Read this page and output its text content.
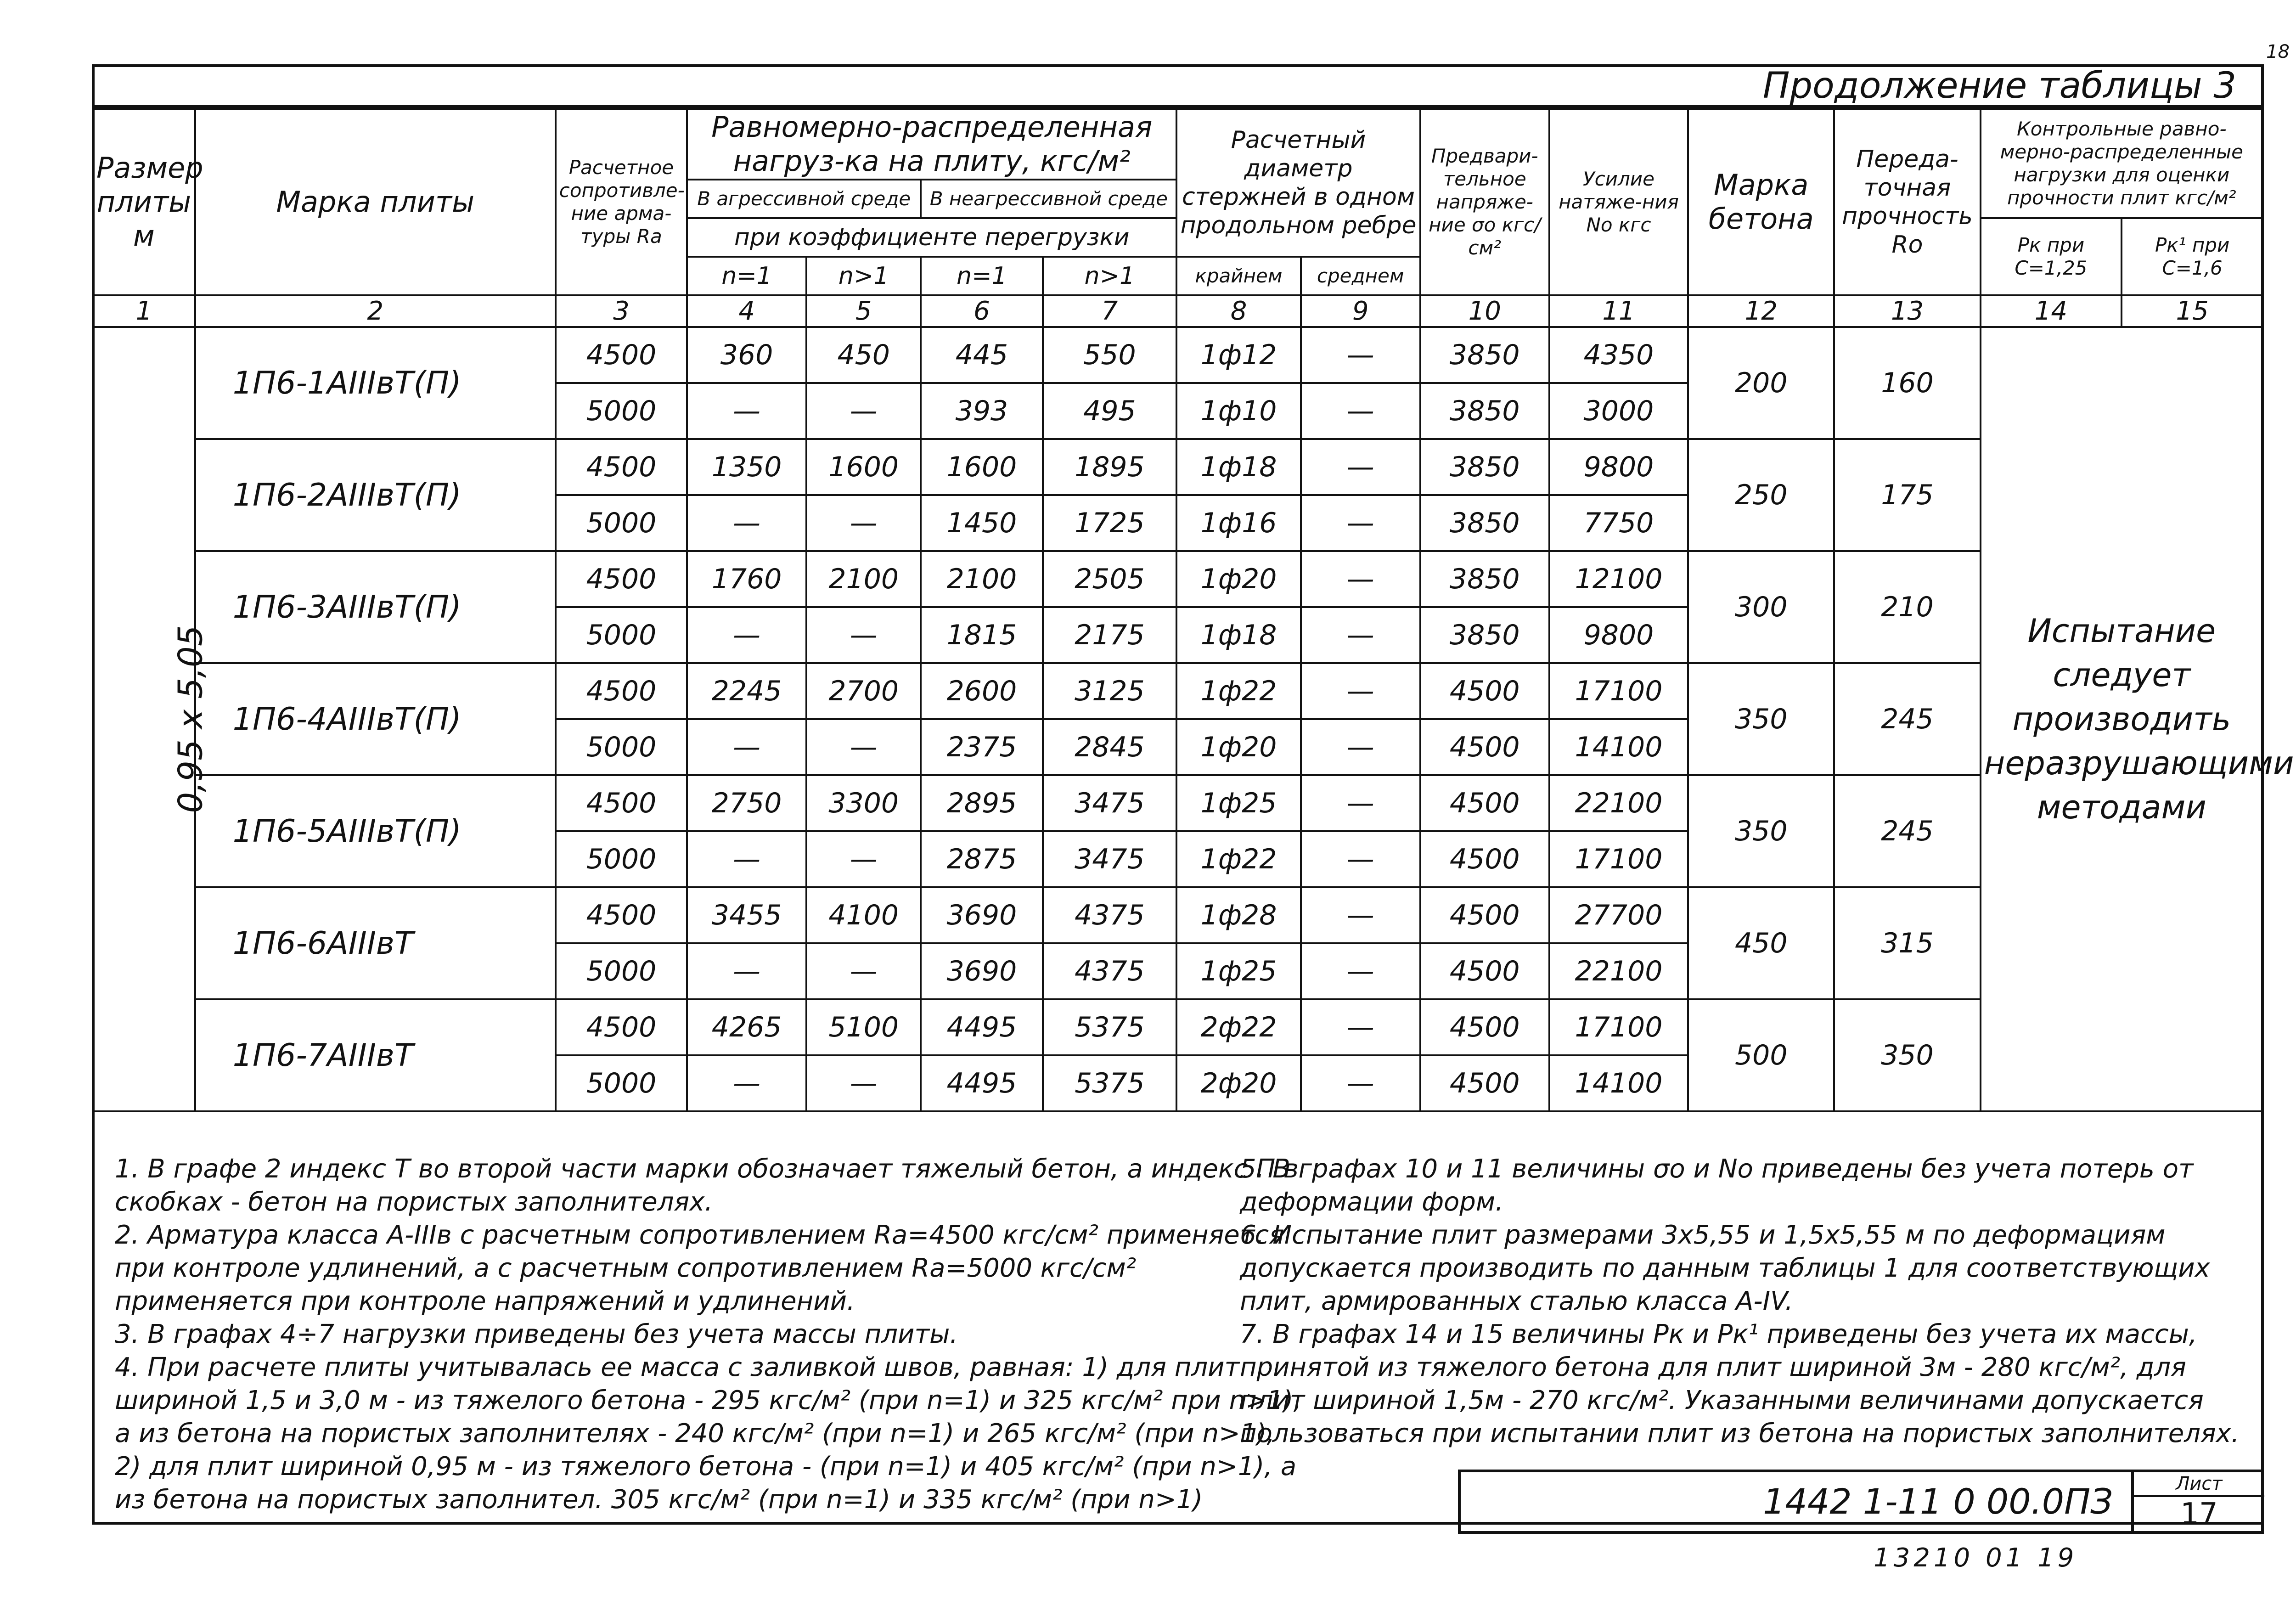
18
Продолжение таблицы 3
Размер плиты м	Марка плиты	Расчетное сопротивле-ние арма-туры Ra	Равномерно-распределенная нагруз-ка на плиту, кгс/м²				Расчетный диаметр стержней в одном продольном ребре		Предвари-тельное напряже-ние σо кгс/см²	Усилие натяже-ния No кгс	Марка бетона	Переда-точная прочность Ro	Контрольные равно-мерно-распределенные нагрузки для оценки прочности плит кгс/м²	
			В агрессивной среде		В неагрессивной среде									
			при коэффициенте перегрузки										Рк при С=1,25	Рк¹ при С=1,6
			n=1	n>1	n=1	n>1	крайнем	среднем						
1	2	3	4	5	6	7	8	9	10	11	12	13	14	15
0,95 x 5,05	1П6-1АIIIвТ(П)	4500	360	450	445	550	1ф12	—	3850	4350	200	160	Испытание следует производить неразрушающими методами	
		5000	—	—	393	495	1ф10	—	3850	3000				
	1П6-2АIIIвТ(П)	4500	1350	1600	1600	1895	1ф18	—	3850	9800	250	175		
		5000	—	—	1450	1725	1ф16	—	3850	7750				
	1П6-3АIIIвТ(П)	4500	1760	2100	2100	2505	1ф20	—	3850	12100	300	210		
		5000	—	—	1815	2175	1ф18	—	3850	9800				
	1П6-4АIIIвТ(П)	4500	2245	2700	2600	3125	1ф22	—	4500	17100	350	245		
		5000	—	—	2375	2845	1ф20	—	4500	14100				
	1П6-5АIIIвТ(П)	4500	2750	3300	2895	3475	1ф25	—	4500	22100	350	245		
		5000	—	—	2875	3475	1ф22	—	4500	17100				
	1П6-6АIIIвТ	4500	3455	4100	3690	4375	1ф28	—	4500	27700	450	315		
		5000	—	—	3690	4375	1ф25	—	4500	22100				
	1П6-7АIIIвТ	4500	4265	5100	4495	5375	2ф22	—	4500	17100	500	350		
		5000	—	—	4495	5375	2ф20	—	4500	14100				

1. В графе 2 индекс Т во второй части марки обозначает тяжелый бетон, а индекс П в скобках - бетон на пористых заполнителях.

2. Арматура класса А-IIIв с расчетным сопротивлением Ra=4500 кгс/см² применяется при контроле удлинений, а с расчетным сопротивлением Ra=5000 кгс/см² применяется при контроле напряжений и удлинений.

3. В графах 4÷7 нагрузки приведены без учета массы плиты.

4. При расчете плиты учитывалась ее масса с заливкой швов, равная: 1) для плит шириной 1,5 и 3,0 м - из тяжелого бетона - 295 кгс/м² (при n=1) и 325 кгс/м² при n>1), а из бетона на пористых заполнителях - 240 кгс/м² (при n=1) и 265 кгс/м² (при n>1), 2) для плит шириной 0,95 м - из тяжелого бетона - (при n=1) и 405 кгс/м² (при n>1), а из бетона на пористых заполнител. 305 кгс/м² (при n=1) и 335 кгс/м² (при n>1)

5. В графах 10 и 11 величины σо и No приведены без учета потерь от деформации форм.

6. Испытание плит размерами 3х5,55 и 1,5х5,55 м по деформациям допускается производить по данным таблицы 1 для соответствующих плит, армированных сталью класса А-IV.

7. В графах 14 и 15 величины Рк и Рк¹ приведены без учета их массы, принятой из тяжелого бетона для плит шириной 3м - 280 кгс/м², для плит шириной 1,5м - 270 кгс/м². Указанными величинами допускается пользоваться при испытании плит из бетона на пористых заполнителях.

1442 1-11 0 00.0ПЗ	Лист
17
13210 01 19
